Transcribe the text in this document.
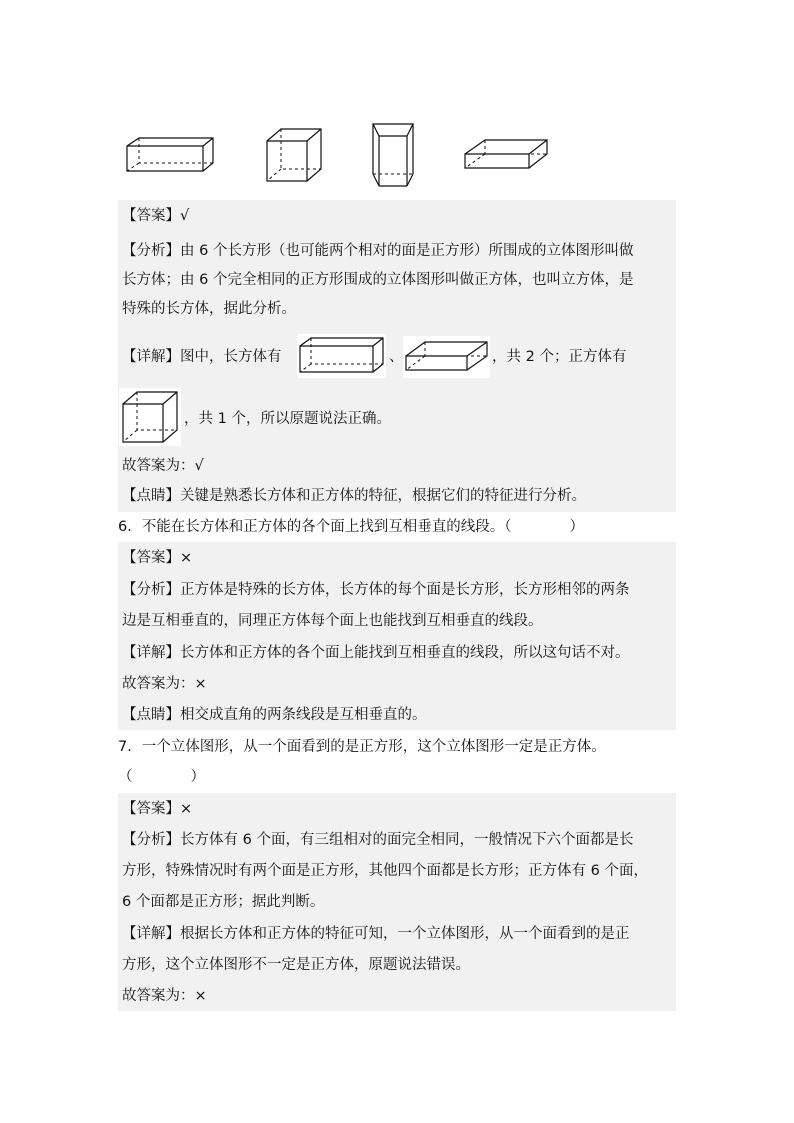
【答案】√
【分析】由 6 个长方形（也可能两个相对的面是正方形）所围成的立体图形叫做
长方体；由 6 个完全相同的正方形围成的立体图形叫做正方体，也叫立方体，是
特殊的长方体，据此分析。
【详解】图中，长方体有	、	，共 2 个；正方体有
，共 1 个，所以原题说法正确。
故答案为：√
【点睛】关键是熟悉长方体和正方体的特征，根据它们的特征进行分析。
6．不能在长方体和正方体的各个面上找到互相垂直的线段。（　　　　）
【答案】×
【分析】正方体是特殊的长方体，长方体的每个面是长方形，长方形相邻的两条
边是互相垂直的，同理正方体每个面上也能找到互相垂直的线段。
【详解】长方体和正方体的各个面上能找到互相垂直的线段，所以这句话不对。
故答案为：×
【点睛】相交成直角的两条线段是互相垂直的。
7．一个立体图形，从一个面看到的是正方形，这个立体图形一定是正方体。
（　　　　）
【答案】×
【分析】长方体有 6 个面，有三组相对的面完全相同，一般情况下六个面都是长
方形，特殊情况时有两个面是正方形，其他四个面都是长方形；正方体有 6 个面，
6 个面都是正方形；据此判断。
【详解】根据长方体和正方体的特征可知，一个立体图形，从一个面看到的是正
方形，这个立体图形不一定是正方体，原题说法错误。
故答案为：×
